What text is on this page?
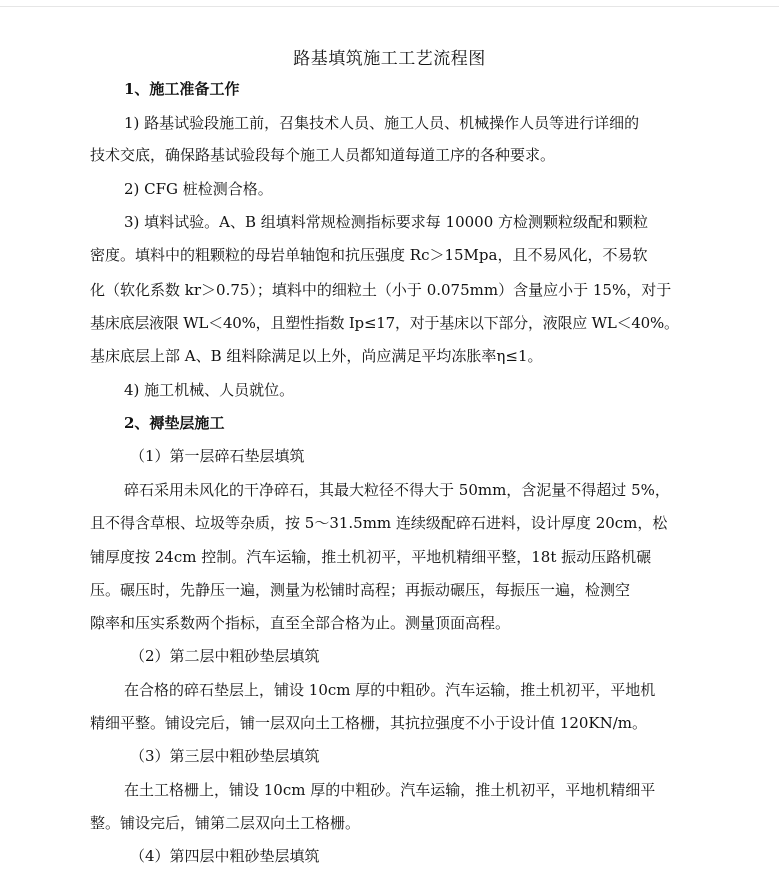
路基填筑施工工艺流程图
1、施工准备工作
1) 路基试验段施工前，召集技术人员、施工人员、机械操作人员等进行详细的
技术交底，确保路基试验段每个施工人员都知道每道工序的各种要求。
2) CFG 桩检测合格。
3) 填料试验。A、B 组填料常规检测指标要求每 10000 方检测颗粒级配和颗粒
密度。填料中的粗颗粒的母岩单轴饱和抗压强度 Rc＞15Mpa，且不易风化，不易软
化（软化系数 kr＞0.75）；填料中的细粒土（小于 0.075mm）含量应小于 15%，对于
基床底层液限 WL＜40%，且塑性指数 Ip≤17，对于基床以下部分，液限应 WL＜40%。
基床底层上部 A、B 组料除满足以上外，尚应满足平均冻胀率η≤1。
4) 施工机械、人员就位。
2、褥垫层施工
（1）第一层碎石垫层填筑
碎石采用未风化的干净碎石，其最大粒径不得大于 50mm，含泥量不得超过 5%，
且不得含草根、垃圾等杂质，按 5～31.5mm 连续级配碎石进料，设计厚度 20cm，松
铺厚度按 24cm 控制。汽车运输，推土机初平，平地机精细平整，18t 振动压路机碾
压。碾压时，先静压一遍，测量为松铺时高程；再振动碾压，每振压一遍，检测空
隙率和压实系数两个指标，直至全部合格为止。测量顶面高程。
（2）第二层中粗砂垫层填筑
在合格的碎石垫层上，铺设 10cm 厚的中粗砂。汽车运输，推土机初平，平地机
精细平整。铺设完后，铺一层双向土工格栅，其抗拉强度不小于设计值 120KN/m。
（3）第三层中粗砂垫层填筑
在土工格栅上，铺设 10cm 厚的中粗砂。汽车运输，推土机初平，平地机精细平
整。铺设完后，铺第二层双向土工格栅。
（4）第四层中粗砂垫层填筑
